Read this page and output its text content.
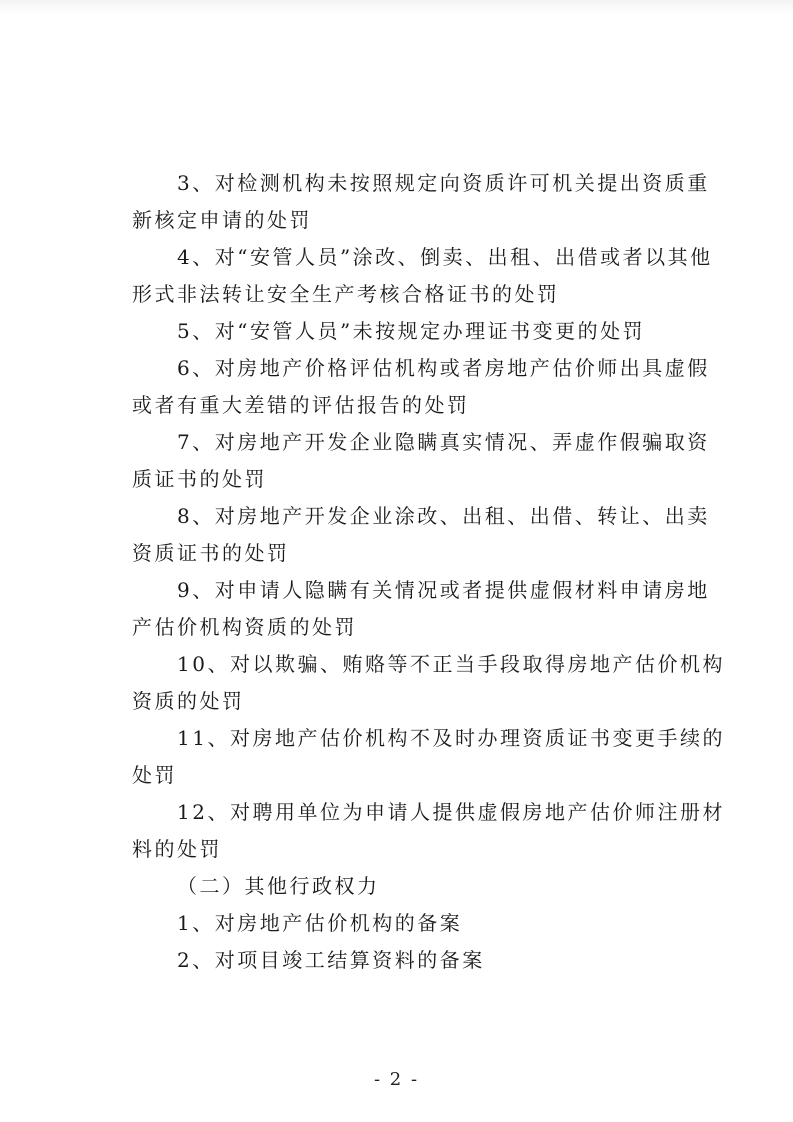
3、对检测机构未按照规定向资质许可机关提出资质重新核定申请的处罚

4、对“安管人员”涂改、倒卖、出租、出借或者以其他形式非法转让安全生产考核合格证书的处罚

5、对“安管人员”未按规定办理证书变更的处罚

6、对房地产价格评估机构或者房地产估价师出具虚假或者有重大差错的评估报告的处罚

7、对房地产开发企业隐瞒真实情况、弄虚作假骗取资质证书的处罚

8、对房地产开发企业涂改、出租、出借、转让、出卖资质证书的处罚

9、对申请人隐瞒有关情况或者提供虚假材料申请房地产估价机构资质的处罚

10、对以欺骗、贿赂等不正当手段取得房地产估价机构资质的处罚

11、对房地产估价机构不及时办理资质证书变更手续的处罚

12、对聘用单位为申请人提供虚假房地产估价师注册材料的处罚

（二）其他行政权力

1、对房地产估价机构的备案

2、对项目竣工结算资料的备案

- 2 -
